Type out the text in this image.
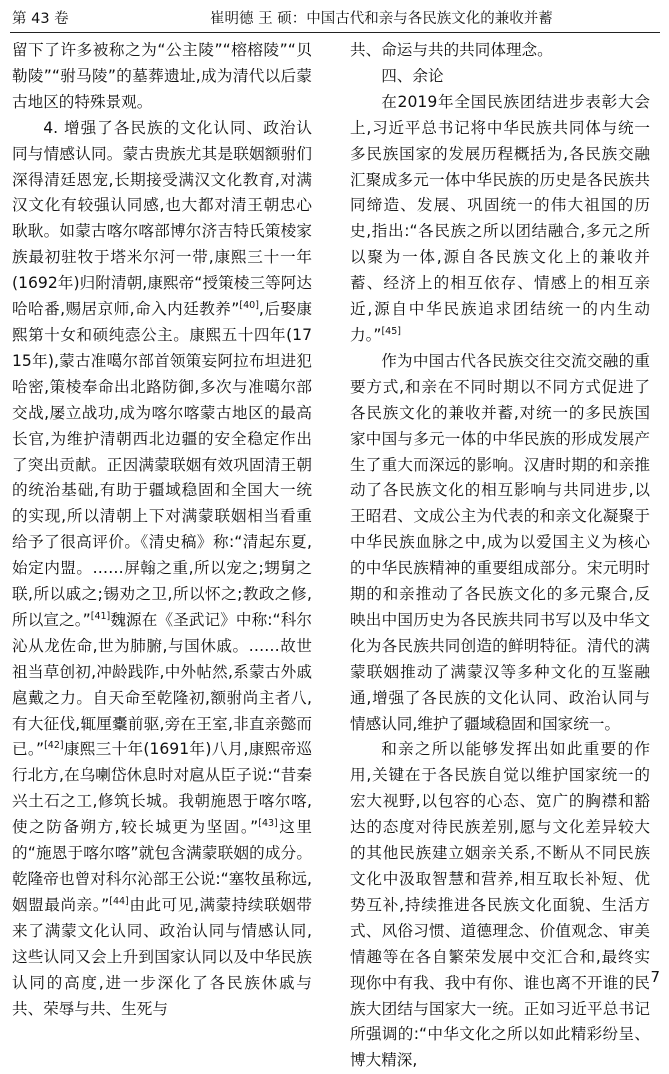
第 43 卷	崔明德 王 硕：中国古代和亲与各民族文化的兼收并蓄

留下了许多被称之为“公主陵”“榕榕陵”“贝勒陵”“驸马陵”的墓葬遗址,成为清代以后蒙古地区的特殊景观。

4. 增强了各民族的文化认同、政治认同与情感认同。蒙古贵族尤其是联姻额驸们深得清廷恩宠,长期接受满汉文化教育,对满汉文化有较强认同感,也大都对清王朝忠心耿耿。如蒙古喀尔喀部博尔济吉特氏策棱家族最初驻牧于塔米尔河一带,康熙三十一年(1692年)归附清朝,康熙帝“授策棱三等阿达哈哈番,赐居京师,命入内廷教养”[40],后娶康熙第十女和硕纯悫公主。康熙五十四年(1715年),蒙古准噶尔部首领策妄阿拉布坦进犯哈密,策棱奉命出北路防御,多次与准噶尔部交战,屡立战功,成为喀尔喀蒙古地区的最高长官,为维护清朝西北边疆的安全稳定作出了突出贡献。正因满蒙联姻有效巩固清王朝的统治基础,有助于疆域稳固和全国大一统的实现,所以清朝上下对满蒙联姻相当看重给予了很高评价。《清史稿》称:“清起东夏,始定内盟。……屏翰之重,所以宠之;甥舅之联,所以戚之;锡劝之卫,所以怀之;教政之修,所以宣之。”[41]魏源在《圣武记》中称:“科尔沁从龙佐命,世为肺腑,与国休戚。……故世祖当草创初,冲龄践阼,中外帖然,系蒙古外戚扈戴之力。自天命至乾隆初,额驸尚主者八,有大征伐,辄厘櫜前驱,旁在王室,非直亲懿而已。”[42]康熙三十年(1691年)八月,康熙帝巡行北方,在乌喇岱休息时对扈从臣子说:“昔秦兴土石之工,修筑长城。我朝施恩于喀尔喀,使之防备朔方,较长城更为坚固。”[43]这里的“施恩于喀尔喀”就包含满蒙联姻的成分。乾隆帝也曾对科尔沁部王公说:“塞牧虽称远,姻盟最尚亲。”[44]由此可见,满蒙持续联姻带来了满蒙文化认同、政治认同与情感认同,这些认同又会上升到国家认同以及中华民族认同的高度,进一步深化了各民族休戚与共、荣辱与共、生死与

共、命运与共的共同体理念。

四、余论

在2019年全国民族团结进步表彰大会上,习近平总书记将中华民族共同体与统一多民族国家的发展历程概括为,各民族交融汇聚成多元一体中华民族的历史是各民族共同缔造、发展、巩固统一的伟大祖国的历史,指出:“各民族之所以团结融合,多元之所以聚为一体,源自各民族文化上的兼收并蓄、经济上的相互依存、情感上的相互亲近,源自中华民族追求团结统一的内生动力。”[45]

作为中国古代各民族交往交流交融的重要方式,和亲在不同时期以不同方式促进了各民族文化的兼收并蓄,对统一的多民族国家中国与多元一体的中华民族的形成发展产生了重大而深远的影响。汉唐时期的和亲推动了各民族文化的相互影响与共同进步,以王昭君、文成公主为代表的和亲文化凝聚于中华民族血脉之中,成为以爱国主义为核心的中华民族精神的重要组成部分。宋元明时期的和亲推动了各民族文化的多元聚合,反映出中国历史为各民族共同书写以及中华文化为各民族共同创造的鲜明特征。清代的满蒙联姻推动了满蒙汉等多种文化的互鉴融通,增强了各民族的文化认同、政治认同与情感认同,维护了疆域稳固和国家统一。

和亲之所以能够发挥出如此重要的作用,关键在于各民族自觉以维护国家统一的宏大视野,以包容的心态、宽广的胸襟和豁达的态度对待民族差别,愿与文化差异较大的其他民族建立姻亲关系,不断从不同民族文化中汲取智慧和营养,相互取长补短、优势互补,持续推进各民族文化面貌、生活方式、风俗习惯、道德理念、价值观念、审美情趣等在各自繁荣发展中交汇合和,最终实现你中有我、我中有你、谁也离不开谁的民族大团结与国家大一统。正如习近平总书记所强调的:“中华文化之所以如此精彩纷呈、博大精深,

7
